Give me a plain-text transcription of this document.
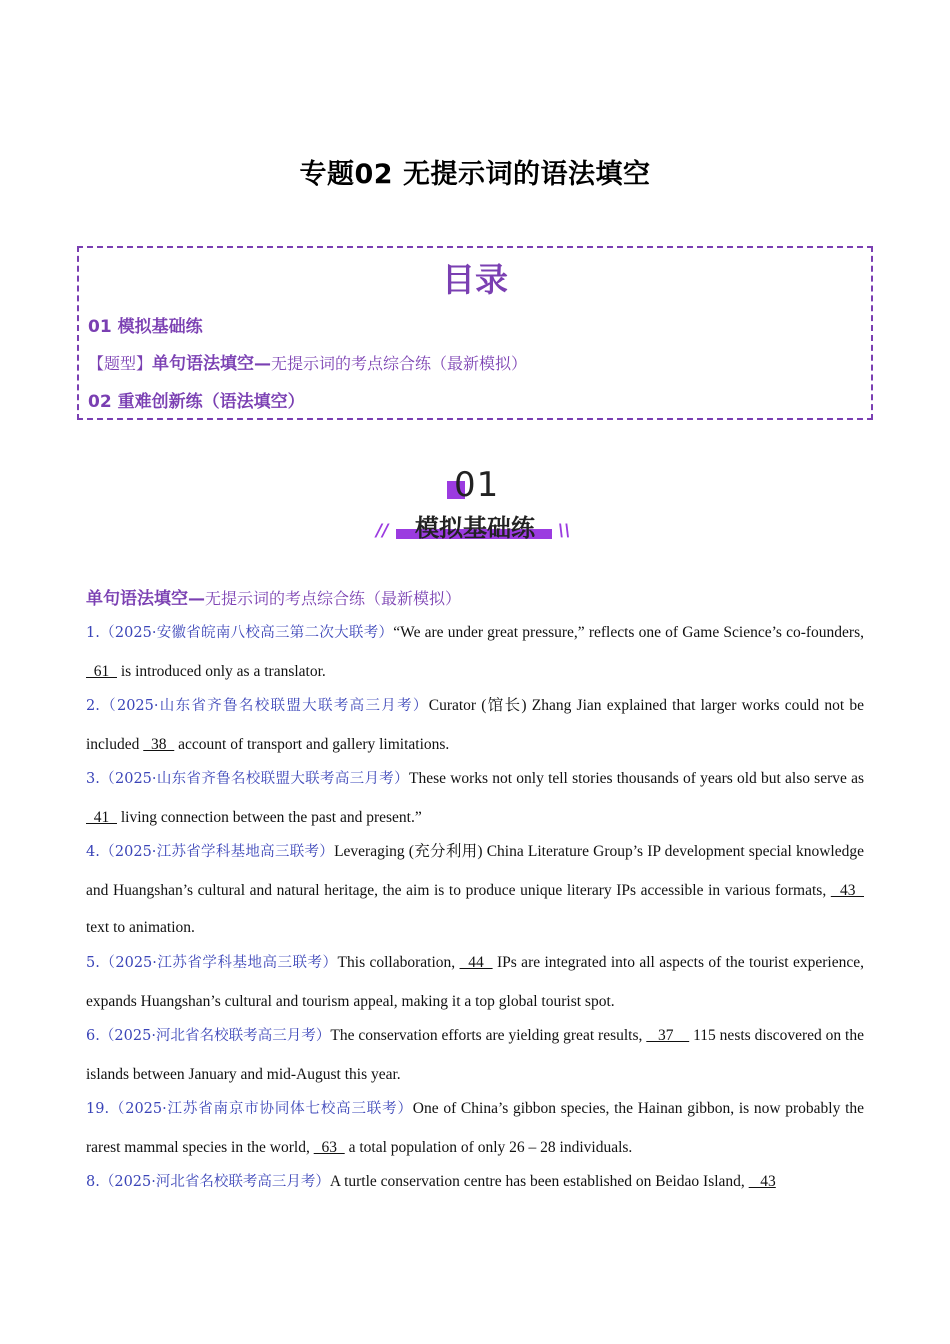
专题02 无提示词的语法填空
目录
01 模拟基础练
【题型】单句语法填空—无提示词的考点综合练（最新模拟）
02 重难创新练（语法填空）
01
模拟基础练
//	\\
单句语法填空—无提示词的考点综合练（最新模拟）
1.（2025·安徽省皖南八校高三第二次大联考）“We are under great pressure,” reflects one of Game Science’s co-founders,   61   is introduced only as a translator.
2.（2025·山东省齐鲁名校联盟大联考高三月考）Curator (馆长) Zhang Jian explained that larger works could not be included   38   account of transport and gallery limitations.
3.（2025·山东省齐鲁名校联盟大联考高三月考）These works not only tell stories thousands of years old but also serve as   41   living connection between the past and present.”
4.（2025·江苏省学科基地高三联考）Leveraging (充分利用) China Literature Group’s IP development special knowledge and Huangshan’s cultural and natural heritage, the aim is to produce unique literary IPs accessible in various formats,   43   text to animation.
5.（2025·江苏省学科基地高三联考）This collaboration,   44   IPs are integrated into all aspects of the tourist experience, expands Huangshan’s cultural and tourism appeal, making it a top global tourist spot.
6.（2025·河北省名校联考高三月考）The conservation efforts are yielding great results,    37     115 nests discovered on the islands between January and mid-August this year.
19.（2025·江苏省南京市协同体七校高三联考）One of China’s gibbon species, the Hainan gibbon, is now probably the rarest mammal species in the world,   63   a total population of only 26 – 28 individuals.
8.（2025·河北省名校联考高三月考）A turtle conservation centre has been established on Beidao Island,    43
